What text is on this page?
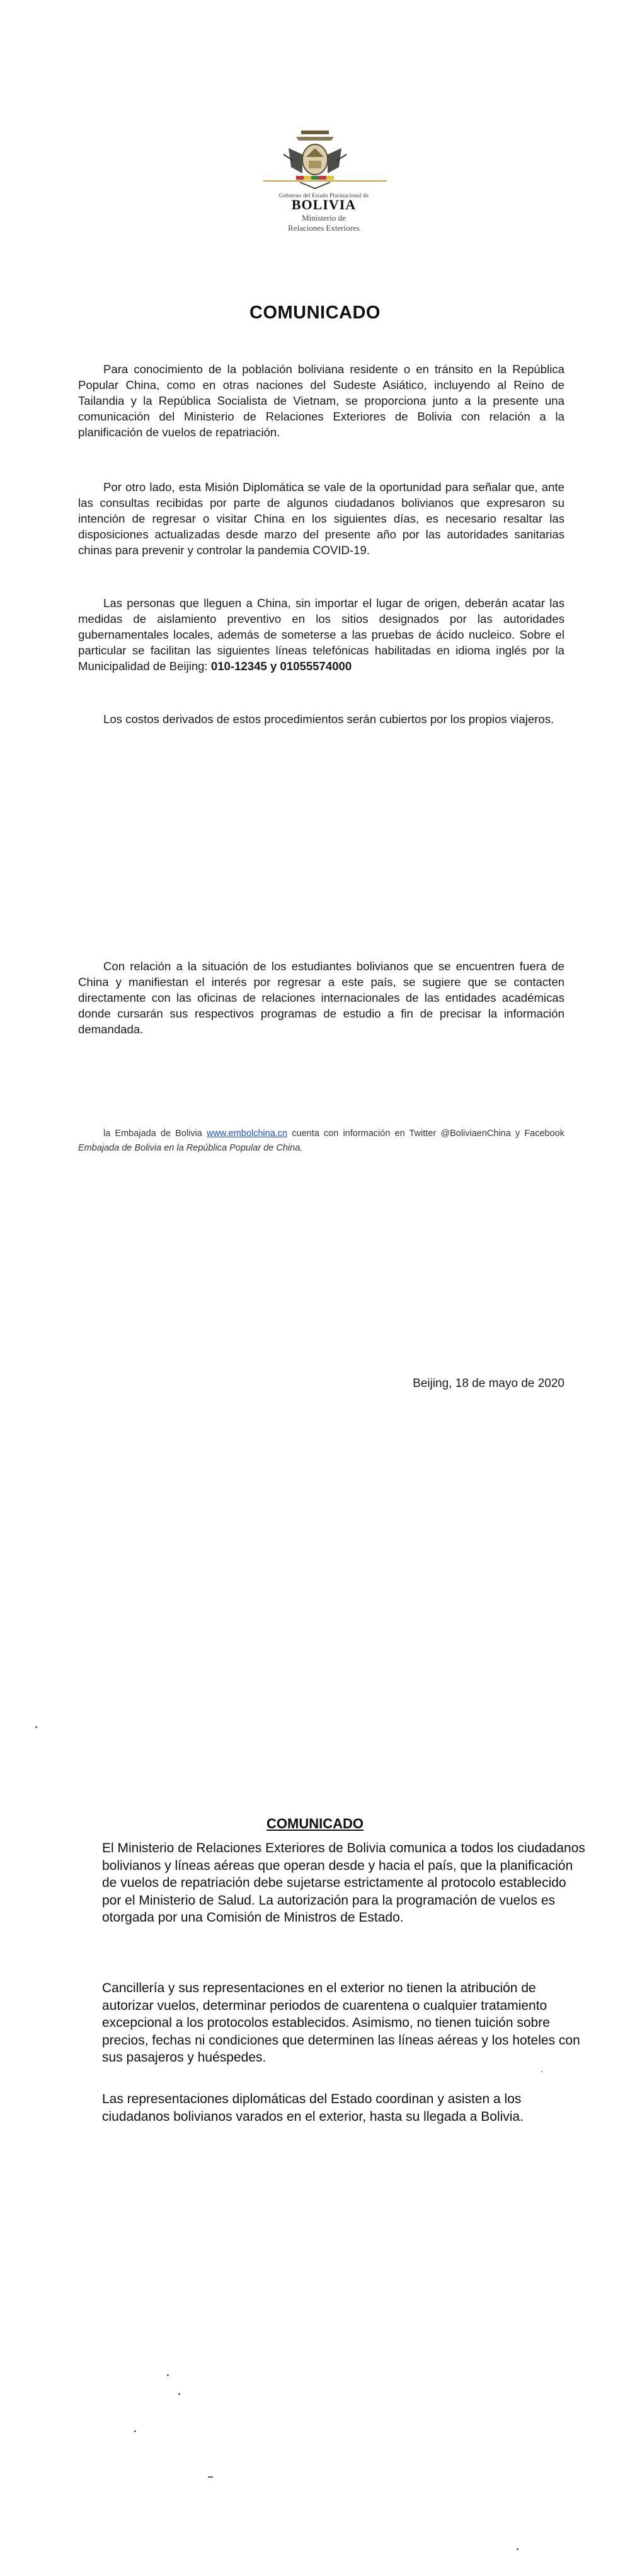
Gobierno del Estado Plurinacional de
BOLIVIA
Ministerio de
Relaciones Exteriores
COMUNICADO

Para conocimiento de la población boliviana residente o en tránsito en la República Popular China, como en otras naciones del Sudeste Asiático, incluyendo al Reino de Tailandia y la República Socialista de Vietnam, se proporciona junto a la presente una comunicación del Ministerio de Relaciones Exteriores de Bolivia con relación a la planificación de vuelos de repatriación.

Por otro lado, esta Misión Diplomática se vale de la oportunidad para señalar que, ante las consultas recibidas por parte de algunos ciudadanos bolivianos que expresaron su intención de regresar o visitar China en los siguientes días, es necesario resaltar las disposiciones actualizadas desde marzo del presente año por las autoridades sanitarias chinas para prevenir y controlar la pandemia COVID-19.

Las personas que lleguen a China, sin importar el lugar de origen, deberán acatar las medidas de aislamiento preventivo en los sitios designados por las autoridades gubernamentales locales, además de someterse a las pruebas de ácido nucleico. Sobre el particular se facilitan las siguientes líneas telefónicas habilitadas en idioma inglés por la Municipalidad de Beijing: 010-12345 y 01055574000

Los costos derivados de estos procedimientos serán cubiertos por los propios viajeros.

Con relación a la situación de los estudiantes bolivianos que se encuentren fuera de China y manifiestan el interés por regresar a este país, se sugiere que se contacten directamente con las oficinas de relaciones internacionales de las entidades académicas donde cursarán sus respectivos programas de estudio a fin de precisar la información demandada.

la Embajada de Bolivia www.embolchina.cn cuenta con información en Twitter @BoliviaenChina y Facebook Embajada de Bolivia en la República Popular de China.
Beijing, 18 de mayo de 2020
COMUNICADO

El Ministerio de Relaciones Exteriores de Bolivia comunica a todos los ciudadanos bolivianos y líneas aéreas que operan desde y hacia el país, que la planificación de vuelos de repatriación debe sujetarse estrictamente al protocolo establecido por el Ministerio de Salud. La autorización para la programación de vuelos es otorgada por una Comisión de Ministros de Estado.

Cancillería y sus representaciones en el exterior no tienen la atribución de autorizar vuelos, determinar periodos de cuarentena o cualquier tratamiento excepcional a los protocolos establecidos. Asimismo, no tienen tuición sobre precios, fechas ni condiciones que determinen las líneas aéreas y los hoteles con sus pasajeros y huéspedes.

Las representaciones diplomáticas del Estado coordinan y asisten a los ciudadanos bolivianos varados en el exterior, hasta su llegada a Bolivia.
